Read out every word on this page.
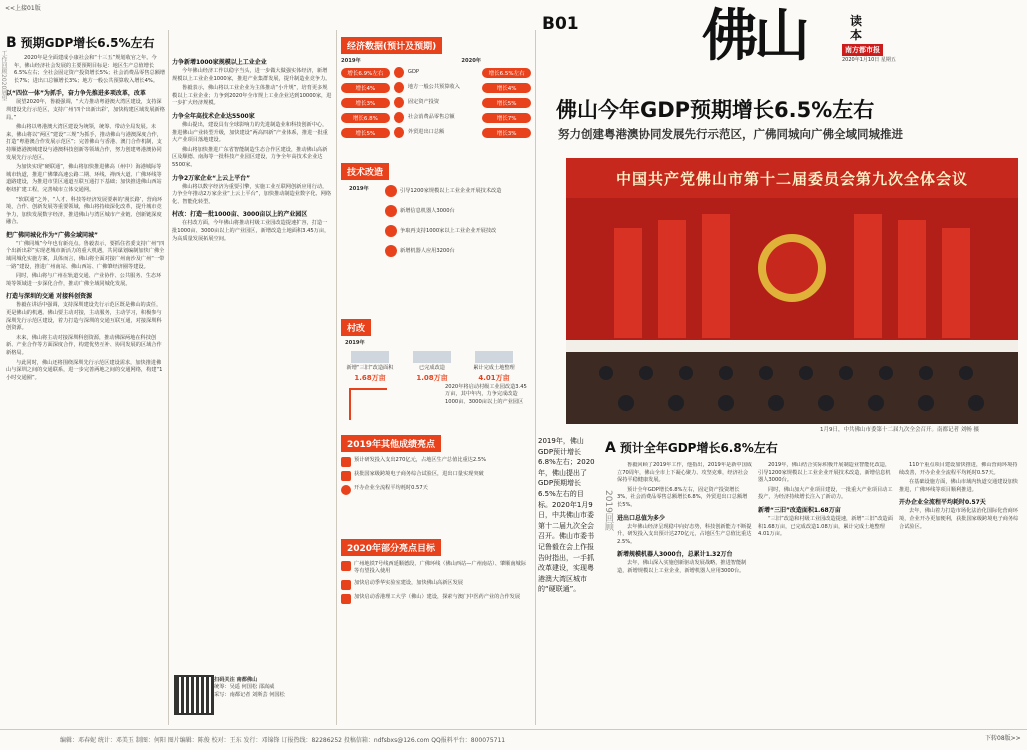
<<上接01版
下转08版>>
B 预期GDP增长6.5%左右

2020年是全面建成小康社会和“十三五”规划收官之年。今年，佛山经济社会发展的主要预期目标是：地区生产总值增长6.5%左右；全社会固定资产投资增长5%；社会消费品零售总额增长7%；进出口总额增长3%；地方一般公共预算收入增长4%。

以“四位一体”为抓手，奋力争先推进多项改革，改革

展望2020年，鲁毅强调，“大力推动粤港澳大湾区建设，支持深圳建设先行示范区，支持广州‘四个出新出彩’，加快构建区域发展新格局。”

佛山将以粤港澳大湾区建设为统领，统筹、带动全局发展。未来，佛山将以“两区”建设“三规”为抓手，推动佛山与港澳深度合作，打造“粤港澳合作发展示范区”；完善佛山与香港、澳门合作机制，支持顺德港澳城建设与港澳科技创新等领域合作，努力创建粤港澳协同发展先行示范区。

为加快实现“硬联通”，佛山将加快推进佛高（州中）海港城际等城市轨道，推进广佛肇高速公路二期、环线、禅西大道、广佛环线等道路建设，为推进市里区通道互联互通打下基础；加快推进佛山西站枢纽扩建工程，完善城市立体交通网。

“软联通”之外，“人才、科技等经济发展要素的‘漫长路’，营商环境，合作、创新发展等重要领域，佛山将持续深化改革，提升城市竞争力，加快发展数字经济，推进佛山与湾区城市产业链、创新链深度融合。

把广佛同城化作为“广佛全域同城”

“广佛同城”今年也有新亮点。鲁毅表示，要抓住省委支持广州“四个出新出彩”实现老城市新活力的重大机遇，共同谋划编制加快广佛全域同城化实施方案，具体而言，佛山将全面对接广州南沙及广州“一带一路”建设，推进广州南站、佛山西站、广佛肇经济圈等建设。

同时，佛山将与广州在轨道交通、产业协作、公共服务、生态环境等领域进一步深化合作，推动广佛全域同城化发展。

打造与深圳的交通 对接科创资源

鲁毅在讲话中强调，支持深圳建设先行示范区既是佛山的责任，更是佛山的机遇。佛山要主动对接，主动服务，主动学习，积极参与深圳先行示范区建设，着力打造与深圳的交通互联互通，对接深圳科创资源。

未来，佛山将主动对接深圳科创资源，推动佛深两地在科技创新、产业合作等方面深度合作，构建优势互补、协同发展的区域合作新格局。

与此同时，佛山还将围绕深圳先行示范区建设需求，加快推进佛山与深圳之间的交通联系，进一步完善两地之间的交通网络，构建“1小时交通圈”。

工作回顾2020展望	力争新增1000家规模以上工业企业

今年佛山经济工作以稳字当头，进一步做大做强实体经济，新增规模以上工业企业1000家，推进产业集群发展，提升制造业竞争力。

鲁毅表示，佛山将以工业企业为主体推动“小升规”，培育更多规模以上工业企业；力争到2020年全市规上工业企业达到10000家，进一步扩大经济规模。

力争全年高技术企业达5500家

佛山提出，建设具有全球影响力的先进制造业和科技创新中心，推进佛山产业转型升级，加快建设“两高四新”产业体系，推进一批重大产业项目落地建设。

佛山将加快推进广东省智能制造生态合作区建设，推动佛山高新区及顺德、南海等一批科技产业园区建设，力争全年高技术企业达5500家。

力争2万家企业“上云上平台”

佛山将以数字经济为重要引擎，实施工业互联网创新应用行动，力争全年推动2万家企业“上云上平台”，加快推动制造业数字化、网络化、智能化转型。

村改：打造一批1000亩、3000亩以上的产业园区

在村改方面，今年佛山将推动村级工业园改造提速扩容，打造一批1000亩、3000亩以上的产业园区，新增改造土地面积3.45万亩，为高质量发展拓展空间。

扫码关注 南都佛山
统筹：吴遥 何国松 邵嵩威
采写：南都记者 刘斯芸 何国松
经济数据(预计及预期)
2019年	2020年
增长6.9%左右	GDP	增长6.5%左右
增长4%	地方一般公共预算收入	增长4%
增长3%	固定资产投资	增长5%
增长6.8%	社会消费品零售总额	增长7%
增长5%	外贸进出口总额	增长3%
技术改造
2019年	引导1200家规模以上工业企业开展技术改造
新增信息机器人3000台
争取再支持1000家以上工业企业开展技改
新增机器人应用3200台
村改
2019年
新增“三旧”改造面积
1.68万亩
已完成改造
1.08万亩
累计完成土地整理
4.01万亩
2020年将启动村级工业园改造3.45万亩，其中年内，力争完成改造1000亩、3000亩以上的产业园区
2019年其他成绩亮点
预计研发投入支出270亿元，占地区生产总值比重达2.5%
获批国家级跨境电子商务综合试验区，进出口量实现突破
开办企业全流程平均耗时0.57天
2020年部分亮点目标
广州地铁7号线西延顺德段、广佛环线（佛山西站—广州南站）、肇顺南城际等有望投入使用
加快启动季华实验室建设，加快佛山高新区发展
加快启动香港理工大学（佛山）建设，探索与澳门中医药产业的合作发展
B01 佛山	读本
南方都市报
2020年1月10日 星期五
佛山今年GDP预期增长6.5%左右
努力创建粤港澳协同发展先行示范区，广佛同城向广佛全域同城推进
中国共产党佛山市第十二届委员会第九次全体会议
1月9日，中共佛山市委第十二届九次全会召开。南都记者 刘畅 摄

2019年，佛山GDP预计增长6.8%左右；2020年，佛山提出了GDP预期增长6.5%左右的目标。2020年1月9日，中共佛山市委第十二届九次全会召开。佛山市委书记鲁毅在会上作报告时指出，一手抓改革建设，实现粤港澳大湾区城市的“硬联通”。

2019回顾
A 预计全年GDP增长6.8%左右

鲁毅回顾了2019年工作，他指出，2019年是新中国成立70周年，佛山全市上下凝心聚力、攻坚克难，经济社会保持平稳健康发展。

预计全年GDP增长6.8%左右，固定资产投资增长3%，社会消费品零售总额增长6.8%，外贸进出口总额增长5%。

进出口总值为多少

去年佛山经济呈现稳中向好态势，科技创新能力不断提升，研发投入支出预计达270亿元，占地区生产总值比重达2.5%。

新增规模机器人3000台，总累计1.32万台

去年，佛山深入实施创新驱动发展战略，推进智能制造，新增规模以上工业企业，新增机器人应用3000台。

2019年，佛山结合实际积极开展制造业智能化改造，引导1200家规模以上工业企业开展技术改造，新增信息机器人3000台。

同时，佛山加大产业项目建设，一批重大产业项目动工投产，为经济持续增长注入了新动力。

新增“三旧”改造面积1.68万亩

“三旧”改造和村级工业园改造提速，新增“三旧”改造面积1.68万亩，已完成改造1.08万亩，累计完成土地整理4.01万亩。

110个重点项目建设加快推进，佛山营商环境持续改善，开办企业全流程平均耗时0.57天。

在基础设施方面，佛山市域内轨道交通建设加快推进，广佛环线等项目顺利推进。

开办企业全流程平均耗时0.57天

去年，佛山着力打造市场化法治化国际化营商环境，企业开办更加便利，获批国家级跨境电子商务综合试验区。

编辑：邓春妮 统计：邓美玉 制图：何阳 图片编辑：陈俊 校对：王东 发行：邓锦锋 订报热线：82286252 投稿信箱：ndfsbxs@126.com QQ报料平台：800075711
